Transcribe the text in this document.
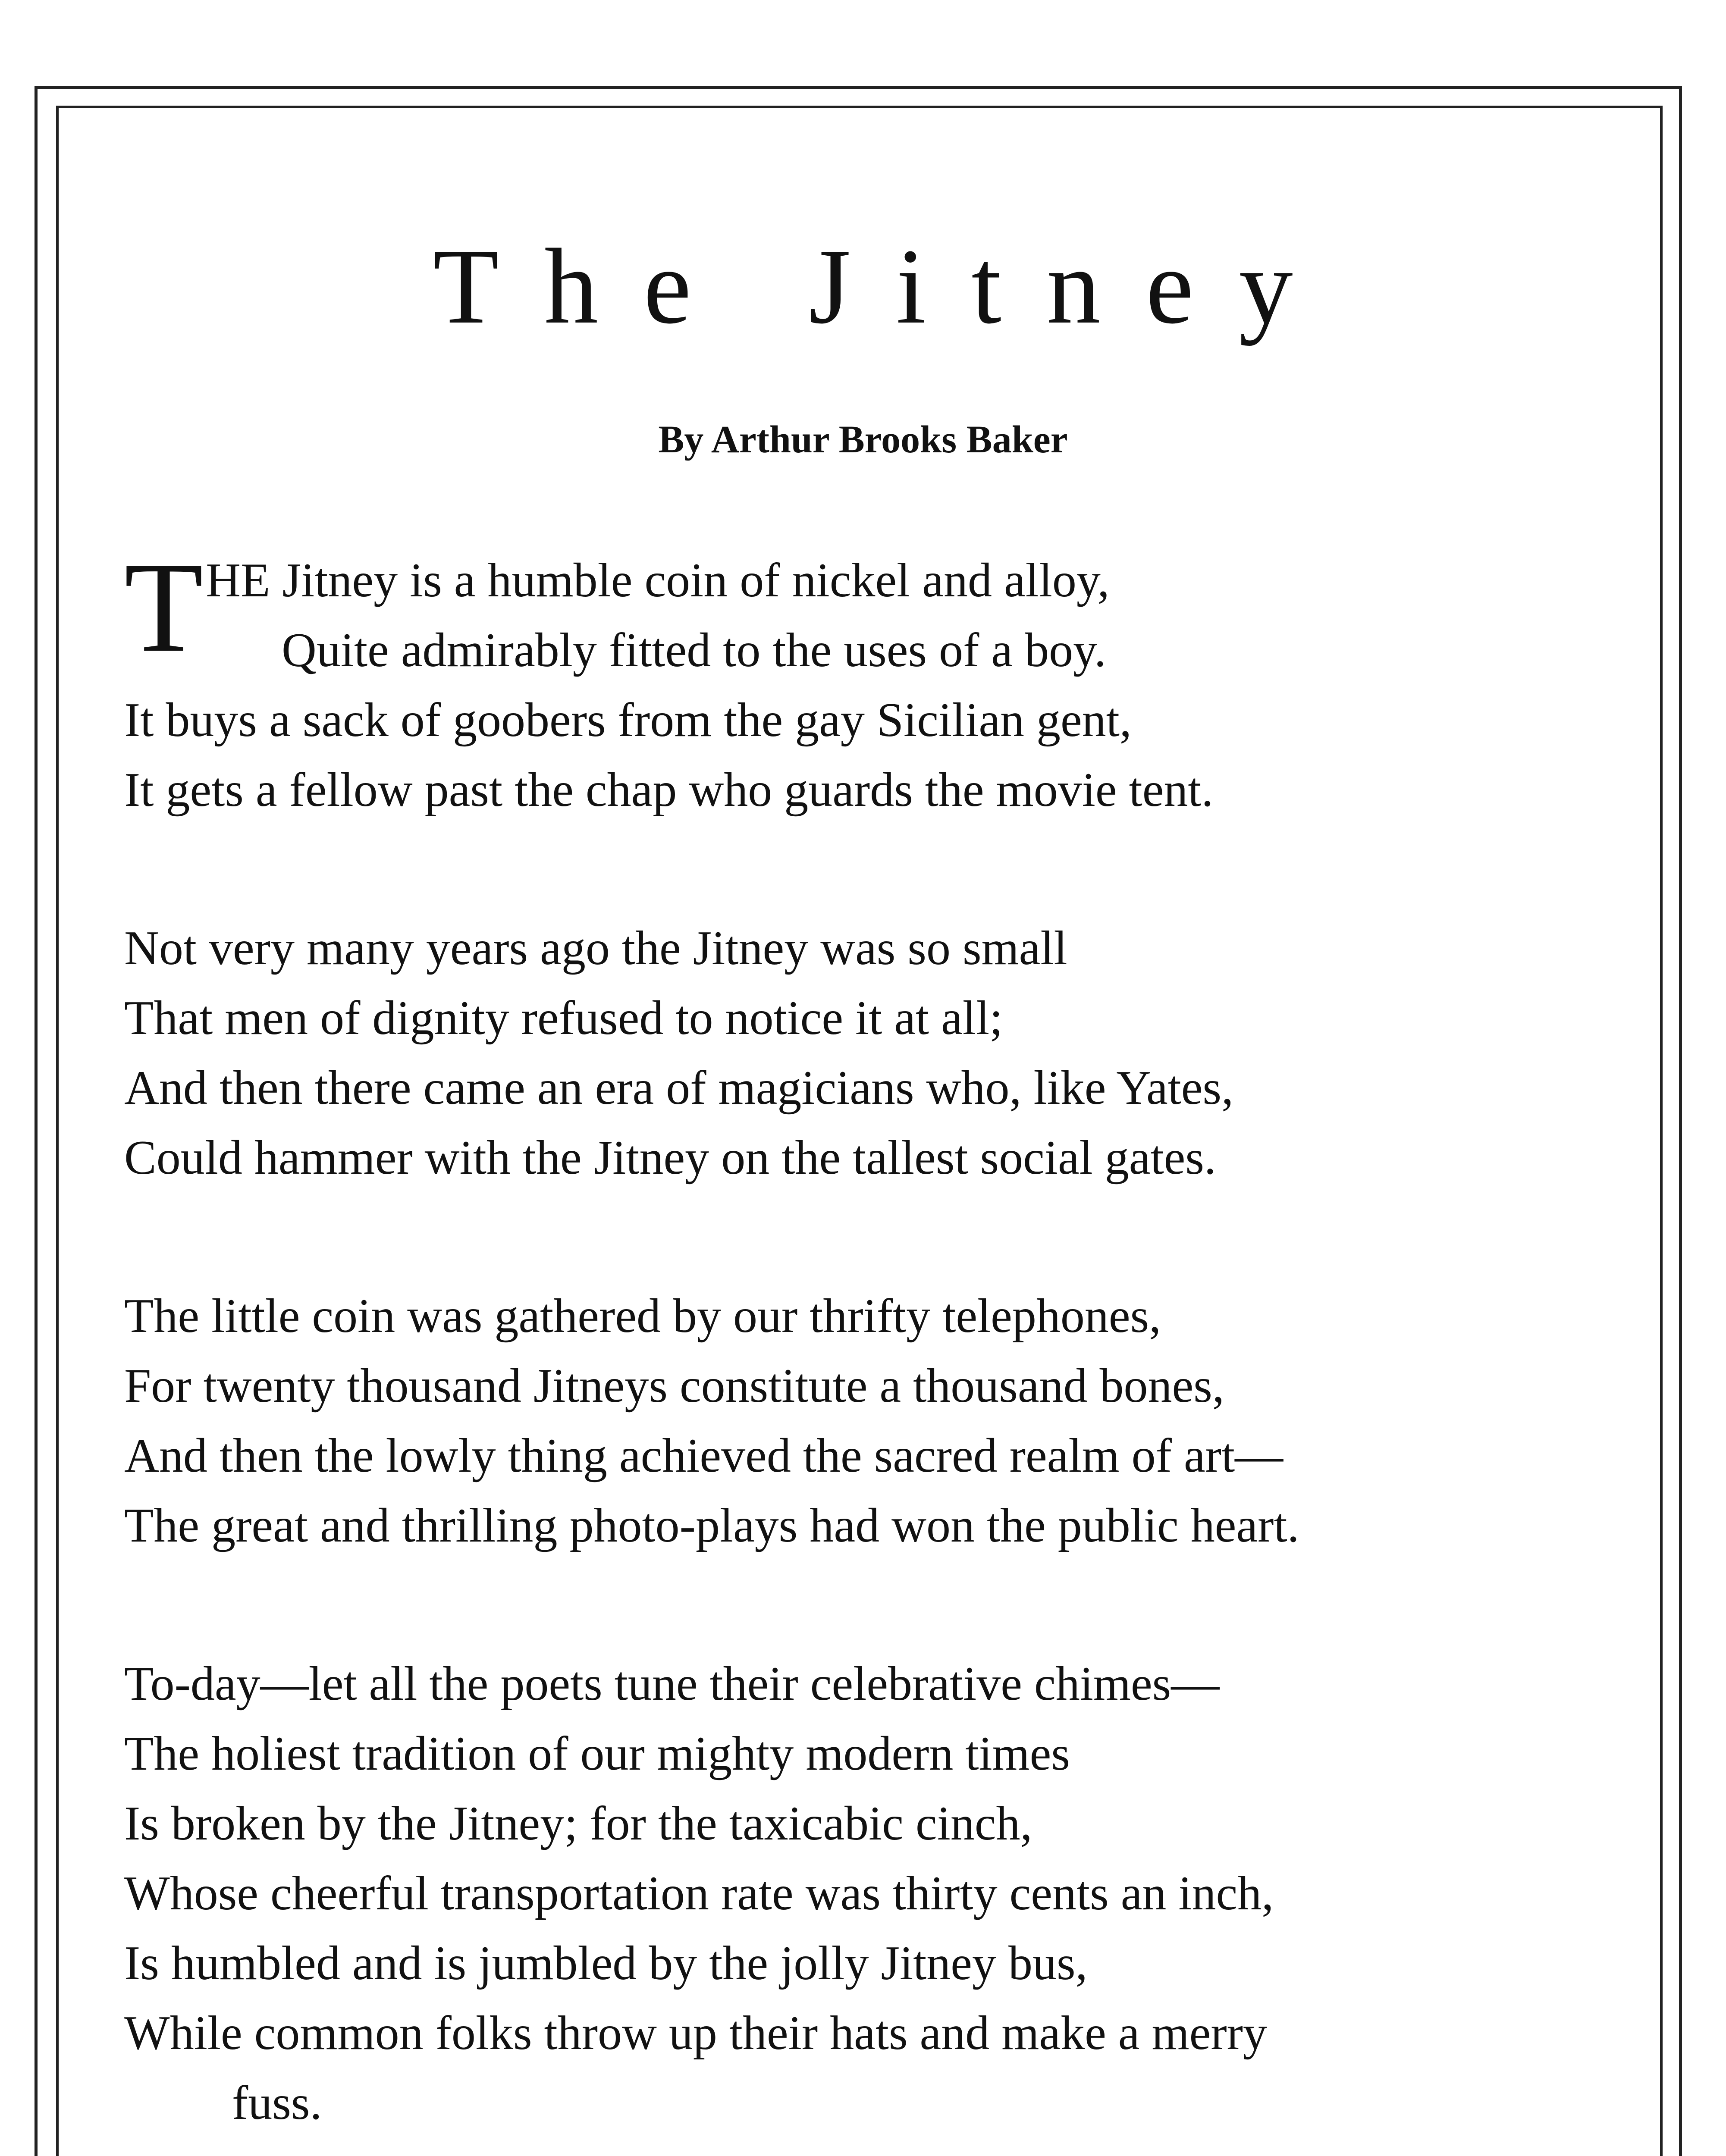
The Jitney
By Arthur Brooks Baker
T HE Jitney is a humble coin of nickel and alloy,
Quite admirably fitted to the uses of a boy.
It buys a sack of goobers from the gay Sicilian gent,
It gets a fellow past the chap who guards the movie tent.
Not very many years ago the Jitney was so small
That men of dignity refused to notice it at all;
And then there came an era of magicians who, like Yates,
Could hammer with the Jitney on the tallest social gates.
The little coin was gathered by our thrifty telephones,
For twenty thousand Jitneys constitute a thousand bones,
And then the lowly thing achieved the sacred realm of art—
The great and thrilling photo-plays had won the public heart.
To-day—let all the poets tune their celebrative chimes—
The holiest tradition of our mighty modern times
Is broken by the Jitney; for the taxicabic cinch,
Whose cheerful transportation rate was thirty cents an inch,
Is humbled and is jumbled by the jolly Jitney bus,
While common folks throw up their hats and make a merry
fuss.
